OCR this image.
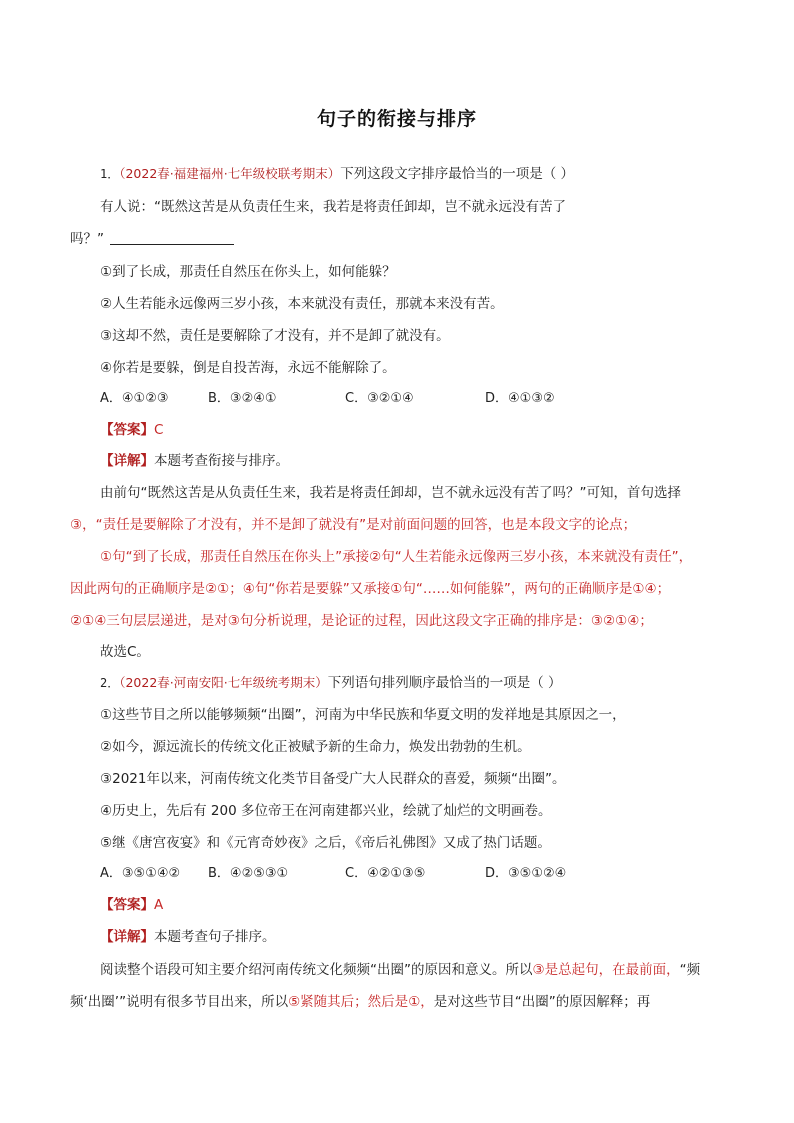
句子的衔接与排序
1．（2022春·福建福州·七年级校联考期末）下列这段文字排序最恰当的一项是（ ）
有人说：“既然这苦是从负责任生来，我若是将责任卸却，岂不就永远没有苦了
吗？”
①到了长成，那责任自然压在你头上，如何能躲？
②人生若能永远像两三岁小孩，本来就没有责任，那就本来没有苦。
③这却不然，责任是要解除了才没有，并不是卸了就没有。
④你若是要躲，倒是自投苦海，永远不能解除了。
A．④①②③	B．③②④①	C．③②①④	D．④①③②
【答案】C
【详解】本题考查衔接与排序。
由前句“既然这苦是从负责任生来，我若是将责任卸却，岂不就永远没有苦了吗？”可知，首句选择
③，“责任是要解除了才没有，并不是卸了就没有”是对前面问题的回答，也是本段文字的论点；
①句“到了长成，那责任自然压在你头上”承接②句“人生若能永远像两三岁小孩，本来就没有责任”，
因此两句的正确顺序是②①；④句“你若是要躲”又承接①句“……如何能躲”，两句的正确顺序是①④；
②①④三句层层递进，是对③句分析说理，是论证的过程，因此这段文字正确的排序是：③②①④；
故选C。
2．（2022春·河南安阳·七年级统考期末）下列语句排列顺序最恰当的一项是（ ）
①这些节目之所以能够频频“出圈”，河南为中华民族和华夏文明的发祥地是其原因之一，
②如今，源远流长的传统文化正被赋予新的生命力，焕发出勃勃的生机。
③2021年以来，河南传统文化类节目备受广大人民群众的喜爱，频频“出圈”。
④历史上，先后有 200 多位帝王在河南建都兴业，绘就了灿烂的文明画卷。
⑤继《唐宫夜宴》和《元宵奇妙夜》之后，《帝后礼佛图》又成了热门话题。
A．③⑤①④② B．④②⑤③①	C．④②①③⑤	D．③⑤①②④
【答案】A
【详解】本题考查句子排序。
阅读整个语段可知主要介绍河南传统文化频频“出圈”的原因和意义。所以③是总起句，在最前面，“频
频‘出圈’”说明有很多节目出来，所以⑤紧随其后；然后是①，是对这些节目“出圈”的原因解释；再
